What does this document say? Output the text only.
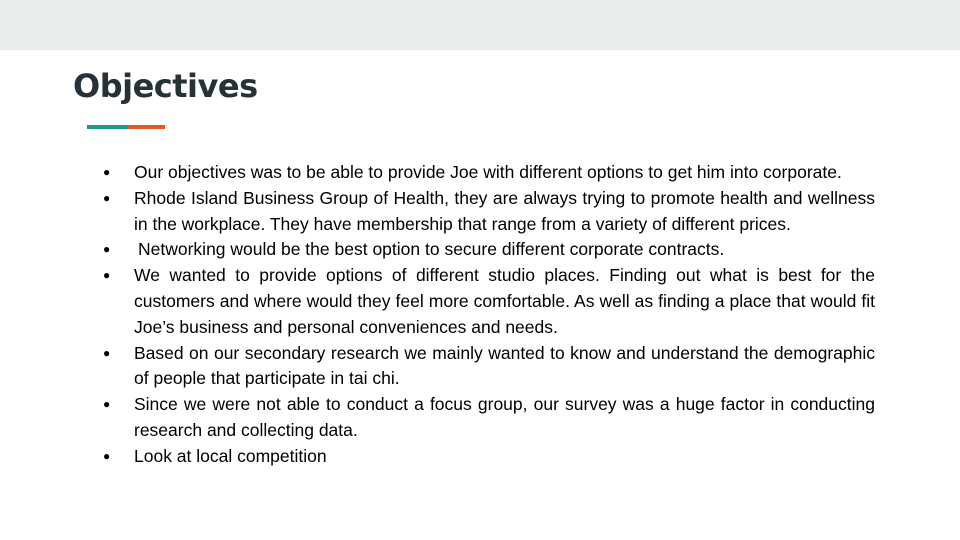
Objectives
● Our objectives was to be able to provide Joe with different options to get him into corporate.
● Rhode Island Business Group of Health, they are always trying to promote health and wellness in the workplace. They have membership that range from a variety of different prices.
● Networking would be the best option to secure different corporate contracts.
● We wanted to provide options of different studio places. Finding out what is best for the customers and where would they feel more comfortable. As well as finding a place that would fit Joe’s business and personal conveniences and needs.
● Based on our secondary research we mainly wanted to know and understand the demographic of people that participate in tai chi.
● Since we were not able to conduct a focus group, our survey was a huge factor in conducting research and collecting data.
● Look at local competition
